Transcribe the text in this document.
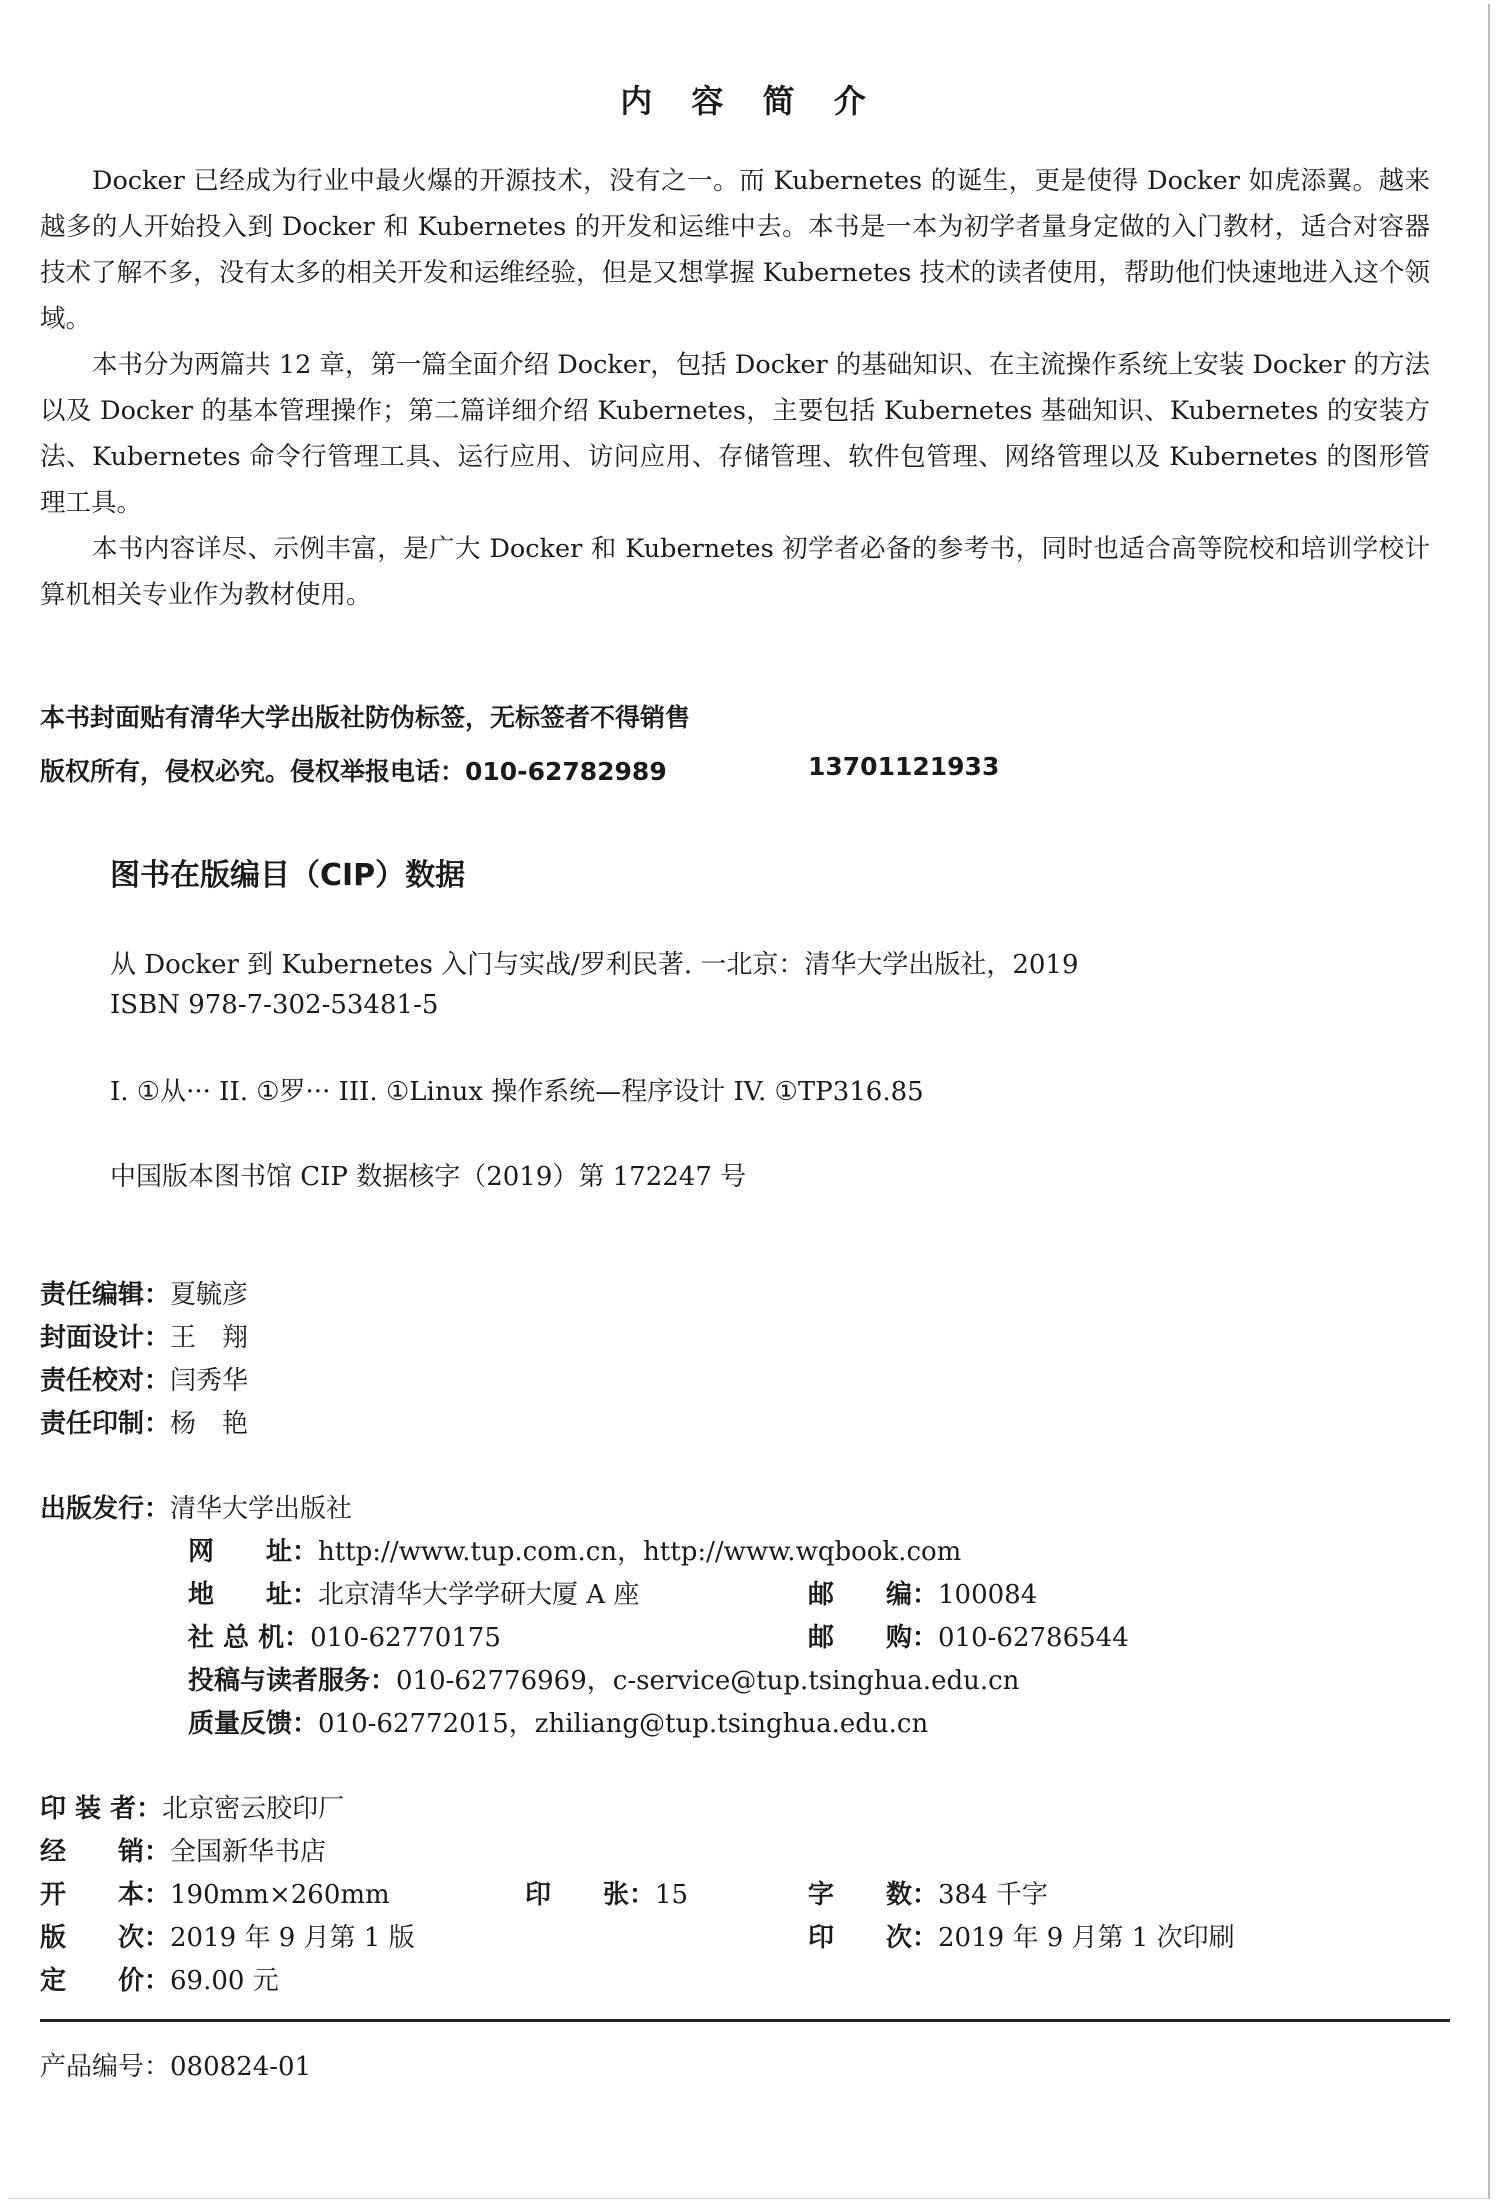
内 容 简 介

Docker 已经成为行业中最火爆的开源技术，没有之一。而 Kubernetes 的诞生，更是使得 Docker 如虎添翼。越来越多的人开始投入到 Docker 和 Kubernetes 的开发和运维中去。本书是一本为初学者量身定做的入门教材，适合对容器技术了解不多，没有太多的相关开发和运维经验，但是又想掌握 Kubernetes 技术的读者使用，帮助他们快速地进入这个领域。

本书分为两篇共 12 章，第一篇全面介绍 Docker，包括 Docker 的基础知识、在主流操作系统上安装 Docker 的方法以及 Docker 的基本管理操作；第二篇详细介绍 Kubernetes，主要包括 Kubernetes 基础知识、Kubernetes 的安装方法、Kubernetes 命令行管理工具、运行应用、访问应用、存储管理、软件包管理、网络管理以及 Kubernetes 的图形管理工具。

本书内容详尽、示例丰富，是广大 Docker 和 Kubernetes 初学者必备的参考书，同时也适合高等院校和培训学校计算机相关专业作为教材使用。

本书封面贴有清华大学出版社防伪标签，无标签者不得销售
版权所有，侵权必究。侵权举报电话：010-62782989	13701121933
图书在版编目（CIP）数据
从 Docker 到 Kubernetes 入门与实战/罗利民著. 一北京：清华大学出版社，2019
ISBN 978-7-302-53481-5
I. ①从··· II. ①罗··· III. ①Linux 操作系统—程序设计 IV. ①TP316.85
中国版本图书馆 CIP 数据核字（2019）第 172247 号
责任编辑：夏毓彦
封面设计：王　翔
责任校对：闫秀华
责任印制：杨　艳
出版发行：清华大学出版社
网　　址：http://www.tup.com.cn，http://www.wqbook.com
地　　址：北京清华大学学研大厦 A 座	邮　　编：100084
社 总 机：010-62770175	邮　　购：010-62786544
投稿与读者服务：010-62776969，c-service@tup.tsinghua.edu.cn
质量反馈：010-62772015，zhiliang@tup.tsinghua.edu.cn
印 装 者：北京密云胶印厂
经　　销：全国新华书店
开　　本：190mm×260mm	印　　张：15	字　　数：384 千字
版　　次：2019 年 9 月第 1 版	印　　次：2019 年 9 月第 1 次印刷
定　　价：69.00 元
产品编号：080824-01
